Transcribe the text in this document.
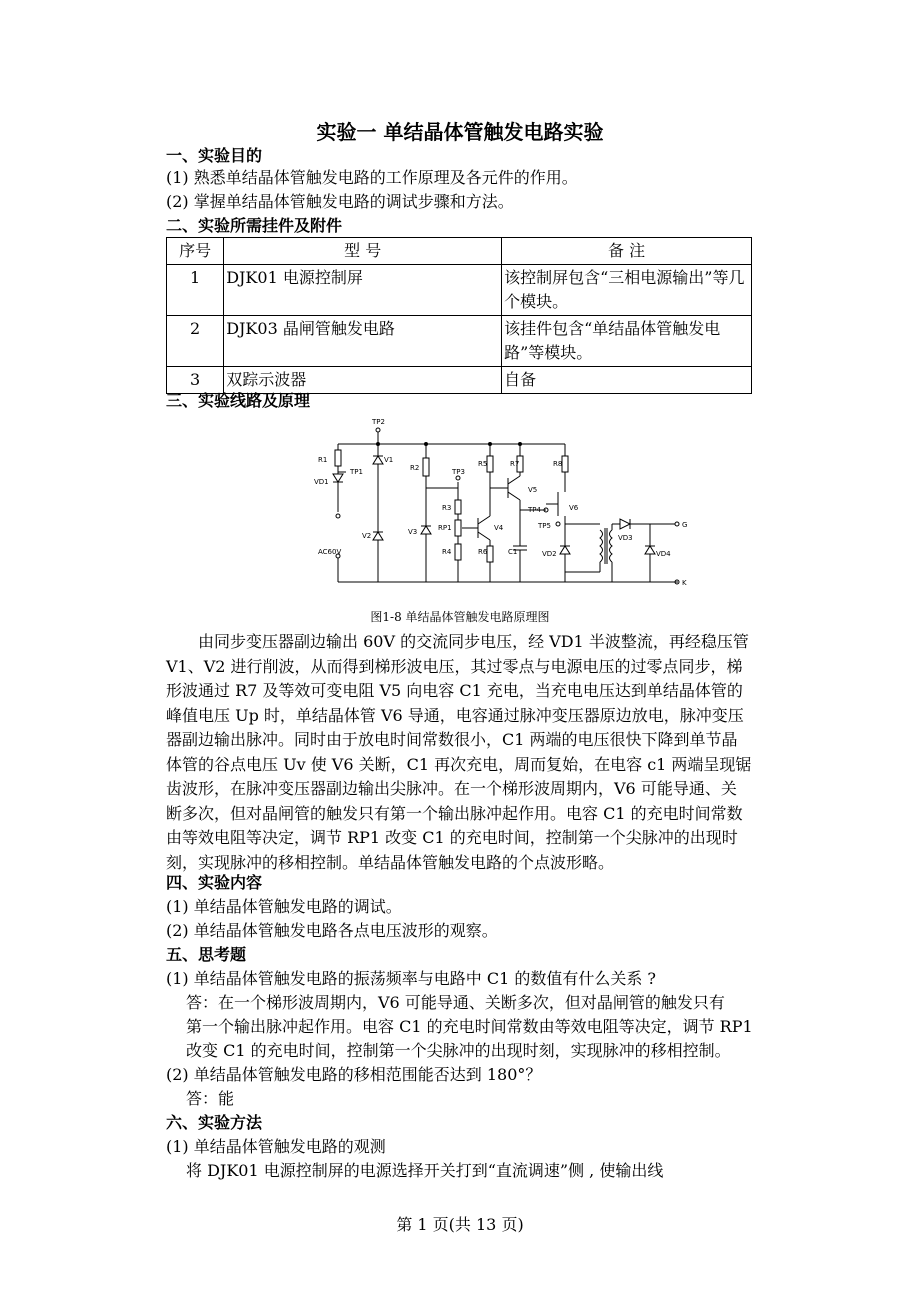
实验一 单结晶体管触发电路实验
一、实验目的
(1) 熟悉单结晶体管触发电路的工作原理及各元件的作用。
(2) 掌握单结晶体管触发电路的调试步骤和方法。
二、实验所需挂件及附件
序号	型 号	备 注
1	DJK01 电源控制屏	该控制屏包含“三相电源输出”等几个模块。
2	DJK03 晶闸管触发电路	该挂件包含“单结晶体管触发电路”等模块。
3	双踪示波器	自备
三、实验线路及原理
TP2
R1
TP1
VD1
V1
V2
AC60V
R2
V3
TP3
R3
RP1
R4
R5
R6
V4
R7
V5
TP4
C1
TP5
VD2
R8
V6
VD3
VD4
G
K
图1-8 单结晶体管触发电路原理图

由同步变压器副边输出 60V 的交流同步电压，经 VD1 半波整流，再经稳压管 V1、V2 进行削波，从而得到梯形波电压，其过零点与电源电压的过零点同步，梯形波通过 R7 及等效可变电阻 V5 向电容 C1 充电，当充电电压达到单结晶体管的峰值电压 Up 时，单结晶体管 V6 导通，电容通过脉冲变压器原边放电，脉冲变压器副边输出脉冲。同时由于放电时间常数很小，C1 两端的电压很快下降到单节晶体管的谷点电压 Uv 使 V6 关断，C1 再次充电，周而复始，在电容 c1 两端呈现锯齿波形，在脉冲变压器副边输出尖脉冲。在一个梯形波周期内，V6 可能导通、关断多次，但对晶闸管的触发只有第一个输出脉冲起作用。电容 C1 的充电时间常数由等效电阻等决定，调节 RP1 改变 C1 的充电时间，控制第一个尖脉冲的出现时刻，实现脉冲的移相控制。单结晶体管触发电路的个点波形略。

四、实验内容
(1) 单结晶体管触发电路的调试。
(2) 单结晶体管触发电路各点电压波形的观察。
五、思考题
(1) 单结晶体管触发电路的振荡频率与电路中 C1 的数值有什么关系 ?
答：在一个梯形波周期内，V6 可能导通、关断多次，但对晶闸管的触发只有
第一个输出脉冲起作用。电容 C1 的充电时间常数由等效电阻等决定，调节 RP1
改变 C1 的充电时间，控制第一个尖脉冲的出现时刻，实现脉冲的移相控制。
(2) 单结晶体管触发电路的移相范围能否达到 180°？
答：能
六、实验方法
(1) 单结晶体管触发电路的观测
将 DJK01 电源控制屏的电源选择开关打到“直流调速”侧 , 使输出线
第 1 页(共 13 页)
